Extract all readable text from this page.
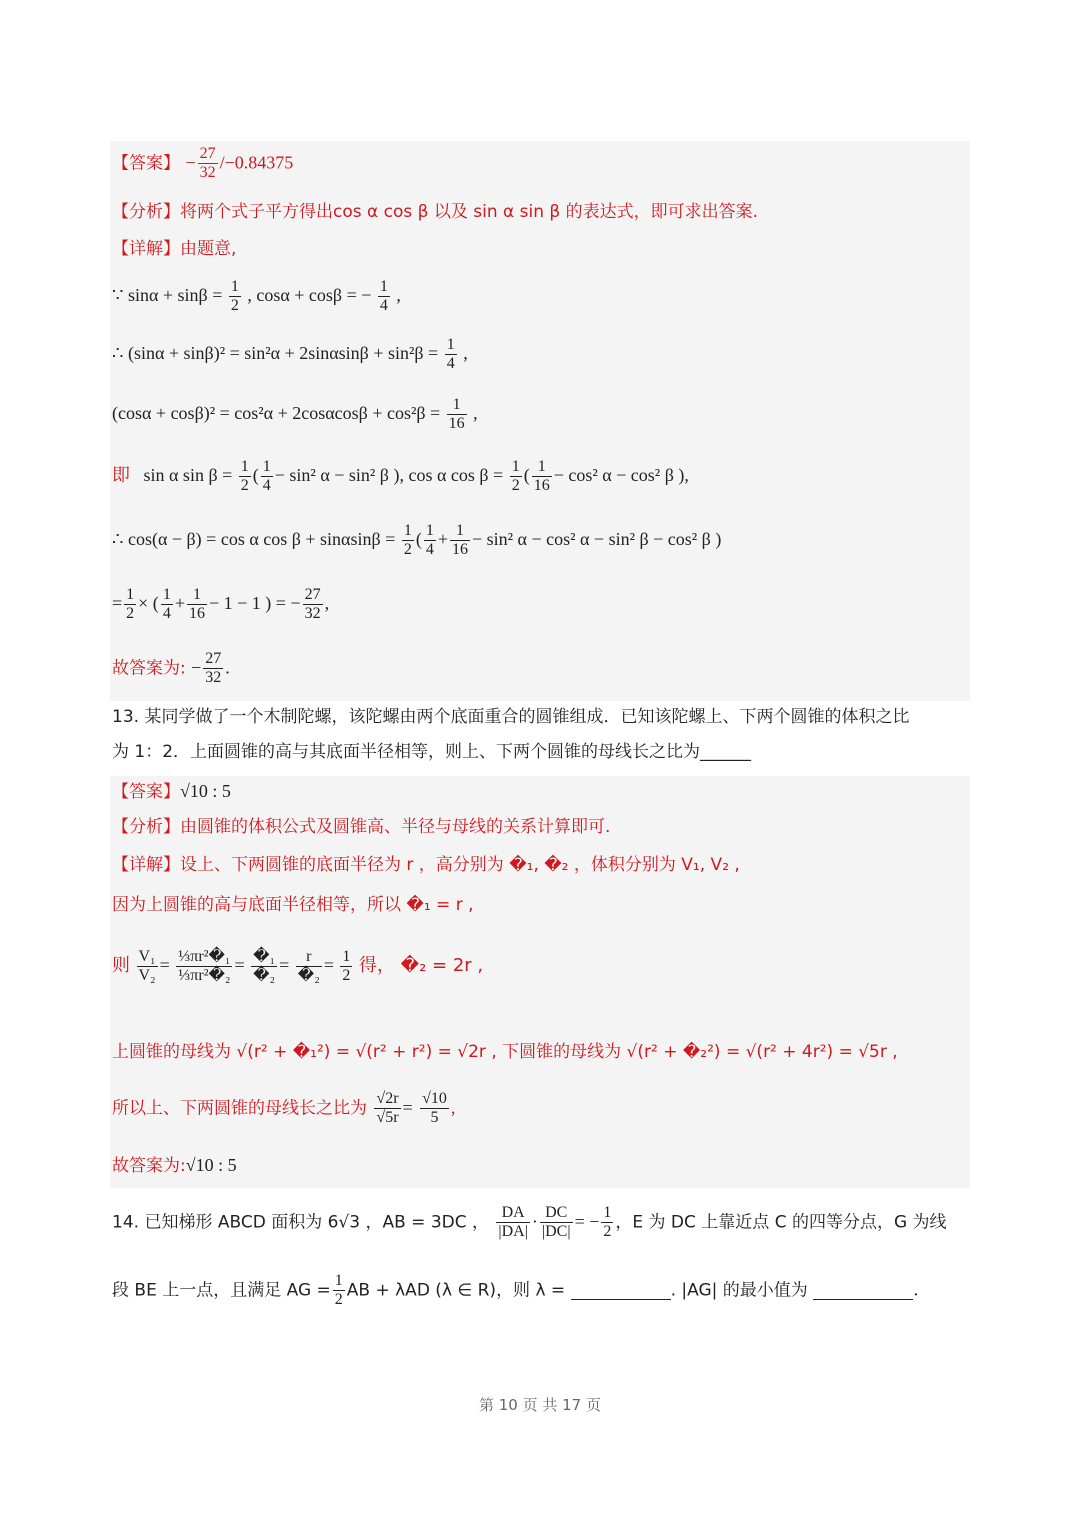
【答案】 − $\frac{27}{32} /-0.84375$
【分析】将两个式子平方得出cos α cos β 以及 sin α sin β 的表达式，即可求出答案.
【详解】由题意,
∵ $\sin\alpha + \sin\beta = \frac{1}{2}$ , cosα + cosβ = − $\frac{1}{4}$ ,
∴ $(\sin\alpha + \sin\beta)^2 = \sin^2\alpha + 2\sin\alpha\sin\beta + \sin^2\beta = \frac{1}{4}$ ,
$(\cos\alpha + \cos\beta)^2 = \cos^2\alpha + 2\cos\alpha\cos\beta + \cos^2\beta = \frac{1}{16}$ ,
即 sin α $\sin \beta = \frac{1}{2}$ ( $\frac{1}{4} - \sin^2$ α − sin² β ), cos α $\cos \beta = \frac{1}{2}$ ( $\frac{1}{16} - \cos^2$ α − cos² β ),
∴ cos(α − β) = cos α $\cos \beta + \sin\alpha\sin\beta = \frac{1}{2}$ ( $\frac{1}{4} + \frac{1}{16} - \sin^2$ α − cos² α − sin² β − cos² β )
= $\frac{1}{2}$ × ( $\frac{1}{4} + \frac{1}{16} - 1 - 1$ ) = − $\frac{27}{32}$ ,
故答案为: − $\frac{27}{32}$ .
13. 某同学做了一个木制陀螺，该陀螺由两个底面重合的圆锥组成．已知该陀螺上、下两个圆锥的体积之比
为 1：2．上面圆锥的高与其底面半径相等，则上、下两个圆锥的母线长之比为______
【答案】√10 : 5
【分析】由圆锥的体积公式及圆锥高、半径与母线的关系计算即可.
【详解】设上、下两圆锥的底面半径为 r ，高分别为 �₁, �₂ ，体积分别为 V₁, V₂ ,
因为上圆锥的高与底面半径相等，所以 �₁ = r ,
则 $\frac{\text{V₁}}{\text{V₂}} = \frac{\text{⅓πr²�₁}}{\text{⅓πr²�₂}} = \frac{\text{�₁}}{\text{�₂}} = \frac{r}{\text{�₂}} = \frac{1}{2}$ 得， �₂ = 2r ,
上圆锥的母线为 √(r² + �₁²) = √(r² + r²) = √2r , 下圆锥的母线为 √(r² + �₂²) = √(r² + 4r²) = √5r ,
所以上、下两圆锥的母线长之比为 $\frac{√2r}{√5r} = \frac{√10}{5}$ ,
故答案为:√10 : 5
14. 已知梯形 ABCD 面积为 6√3 ，AB = 3DC ， $\frac{DA}{|DA|} \cdot \frac{DC}{|DC|}$ = − $\frac{1}{2}$ ，E 为 DC 上靠近点 C 的四等分点，G 为线
段 BE 上一点，且满足 AG = $\frac{1}{2}$ AB + λAD (λ ∈ R)，则 λ =	. |AG| 的最小值为	.
第 10 页 共 17 页
